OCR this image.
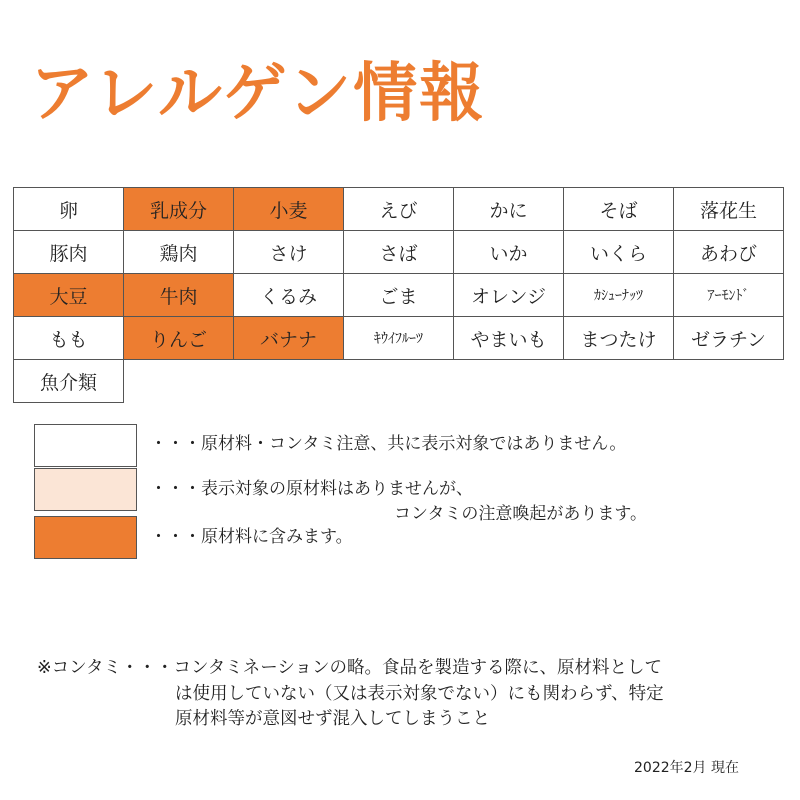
アレルゲン情報
卵	乳成分	小麦	えび	かに	そば	落花生
豚肉	鶏肉	さけ	さば	いか	いくら	あわび
大豆	牛肉	くるみ	ごま	オレンジ	ｶｼｭｰﾅｯﾂ	ｱｰﾓﾝﾄﾞ
もも	りんご	バナナ	ｷｳｲﾌﾙｰﾂ	やまいも	まつたけ	ゼラチン
魚介類						
・・・原材料・コンタミ注意、共に表示対象ではありません。
・・・表示対象の原材料はありませんが、
コンタミの注意喚起があります。
・・・原材料に含みます。
※コンタミ・・・コンタミネーションの略。食品を製造する際に、原材料として
は使用していない（又は表示対象でない）にも関わらず、特定
原材料等が意図せず混入してしまうこと
2022年2月 現在
